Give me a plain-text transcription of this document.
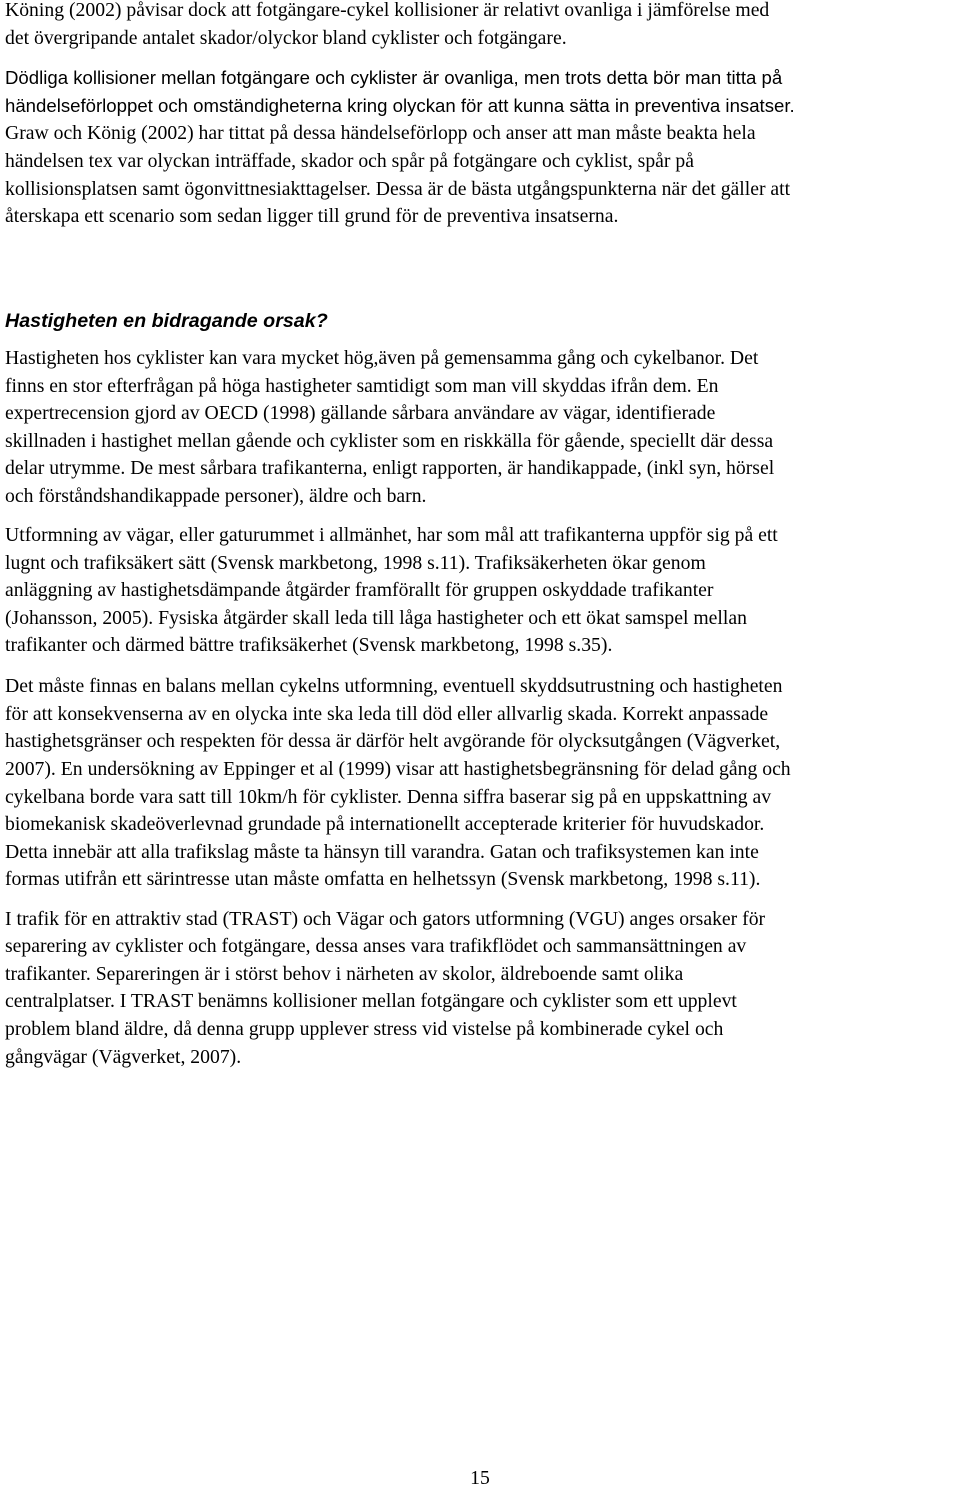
Köning (2002) påvisar dock att fotgängare-cykel kollisioner är relativt ovanliga i jämförelse med
det övergripande antalet skador/olyckor bland cyklister och fotgängare.
Dödliga kollisioner mellan fotgängare och cyklister är ovanliga, men trots detta bör man titta på
händelseförloppet och omständigheterna kring olyckan för att kunna sätta in preventiva insatser.
Graw och König (2002) har tittat på dessa händelseförlopp och anser att man måste beakta hela
händelsen tex var olyckan inträffade, skador och spår på fotgängare och cyklist, spår på
kollisionsplatsen samt ögonvittnesiakttagelser. Dessa är de bästa utgångspunkterna när det gäller att
återskapa ett scenario som sedan ligger till grund för de preventiva insatserna.
Hastigheten en bidragande orsak?
Hastigheten hos cyklister kan vara mycket hög,även på gemensamma gång och cykelbanor. Det
finns en stor efterfrågan på höga hastigheter samtidigt som man vill skyddas ifrån dem. En
expertrecension gjord av OECD (1998) gällande sårbara användare av vägar, identifierade
skillnaden i hastighet mellan gående och cyklister som en riskkälla för gående, speciellt där dessa
delar utrymme. De mest sårbara trafikanterna, enligt rapporten, är handikappade, (inkl syn, hörsel
och förståndshandikappade personer), äldre och barn.
Utformning av vägar, eller gaturummet i allmänhet, har som mål att trafikanterna uppför sig på ett
lugnt och trafiksäkert sätt (Svensk markbetong, 1998 s.11). Trafiksäkerheten ökar genom
anläggning av hastighetsdämpande åtgärder framförallt för gruppen oskyddade trafikanter
(Johansson, 2005). Fysiska åtgärder skall leda till låga hastigheter och ett ökat samspel mellan
trafikanter och därmed bättre trafiksäkerhet (Svensk markbetong, 1998 s.35).
Det måste finnas en balans mellan cykelns utformning, eventuell skyddsutrustning och hastigheten
för att konsekvenserna av en olycka inte ska leda till död eller allvarlig skada. Korrekt anpassade
hastighetsgränser och respekten för dessa är därför helt avgörande för olycksutgången (Vägverket,
2007). En undersökning av Eppinger et al (1999) visar att hastighetsbegränsning för delad gång och
cykelbana borde vara satt till 10km/h för cyklister. Denna siffra baserar sig på en uppskattning av
biomekanisk skadeöverlevnad grundade på internationellt accepterade kriterier för huvudskador.
Detta innebär att alla trafikslag måste ta hänsyn till varandra. Gatan och trafiksystemen kan inte
formas utifrån ett särintresse utan måste omfatta en helhetssyn (Svensk markbetong, 1998 s.11).
I trafik för en attraktiv stad (TRAST) och Vägar och gators utformning (VGU) anges orsaker för
separering av cyklister och fotgängare, dessa anses vara trafikflödet och sammansättningen av
trafikanter. Separeringen är i störst behov i närheten av skolor, äldreboende samt olika
centralplatser. I TRAST benämns kollisioner mellan fotgängare och cyklister som ett upplevt
problem bland äldre, då denna grupp upplever stress vid vistelse på kombinerade cykel och
gångvägar (Vägverket, 2007).
15
